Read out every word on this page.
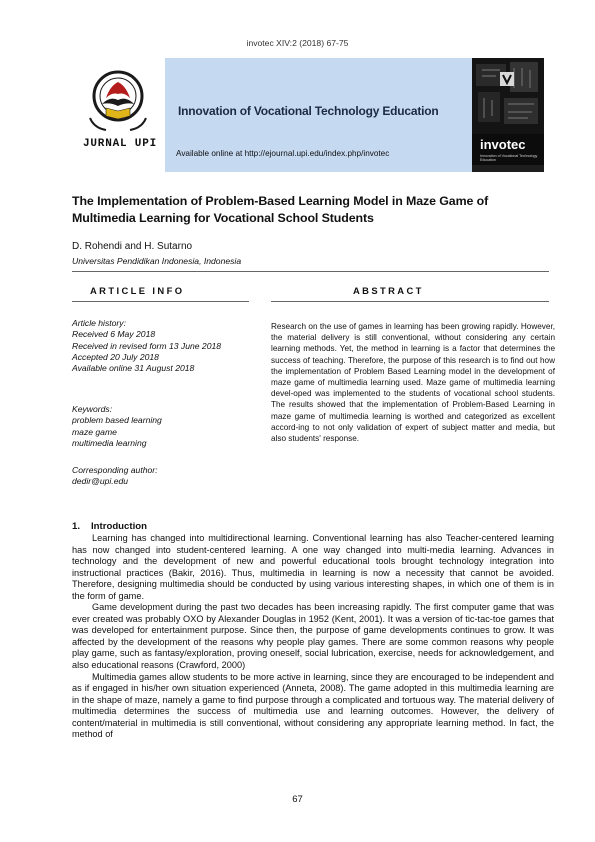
invotec XIV:2 (2018) 67-75
JURNAL UPI
Innovation of Vocational Technology Education
Available online at http://ejournal.upi.edu/index.php/invotec
invotec
Innovation of Vocational Technology Education
The Implementation of Problem-Based Learning Model in Maze Game of Multimedia Learning for Vocational School Students
D. Rohendi and H. Sutarno
Universitas Pendidikan Indonesia, Indonesia
ARTICLE INFO	ABSTRACT
Article history:
Received 6 May 2018
Received in revised form 13 June 2018
Accepted 20 July 2018
Available online 31 August 2018
Keywords:
problem based learning
maze game
multimedia learning
Corresponding author:
dedir@upi.edu
Research on the use of games in learning has been growing rapidly. However, the material delivery is still conventional, without considering any certain learning methods. Yet, the method in learning is a factor that determines the success of teaching. Therefore, the purpose of this research is to find out how the implementation of Problem Based Learning model in the development of maze game of multimedia learning used. Maze game of multimedia learning devel-oped was implemented to the students of vocational school students. The results showed that the implementation of Problem-Based Learning in maze game of multimedia learning is worthed and categorized as excellent accord-ing to not only validation of expert of subject matter and media, but also students' response.
1. Introduction

Learning has changed into multidirectional learning. Conventional learning has also Teacher-centered learning has now changed into student-centered learning. A one way changed into multi-media learning. Advances in technology and the development of new and powerful educational tools brought technology integration into instructional practices (Bakir, 2016). Thus, multimedia in learning is now a necessity that cannot be avoided. Therefore, designing multimedia should be conducted by using various interesting shapes, in which one of them is in the form of game.

Game development during the past two decades has been increasing rapidly. The first computer game that was ever created was probably OXO by Alexander Douglas in 1952 (Kent, 2001). It was a version of tic-tac-toe games that was developed for entertainment purpose. Since then, the purpose of game developments continues to grow. It was affected by the development of the reasons why people play games. There are some common reasons why people play game, such as fantasy/exploration, proving oneself, social lubrication, exercise, needs for acknowledgement, and also educational reasons (Crawford, 2000)

Multimedia games allow students to be more active in learning, since they are encouraged to be independent and as if engaged in his/her own situation experienced (Anneta, 2008). The game adopted in this multimedia learning are in the shape of maze, namely a game to find purpose through a complicated and tortuous way. The material delivery of multimedia determines the success of multimedia use and learning outcomes. However, the delivery of content/material in multimedia is still conventional, without considering any appropriate learning method. In fact, the method of

67
